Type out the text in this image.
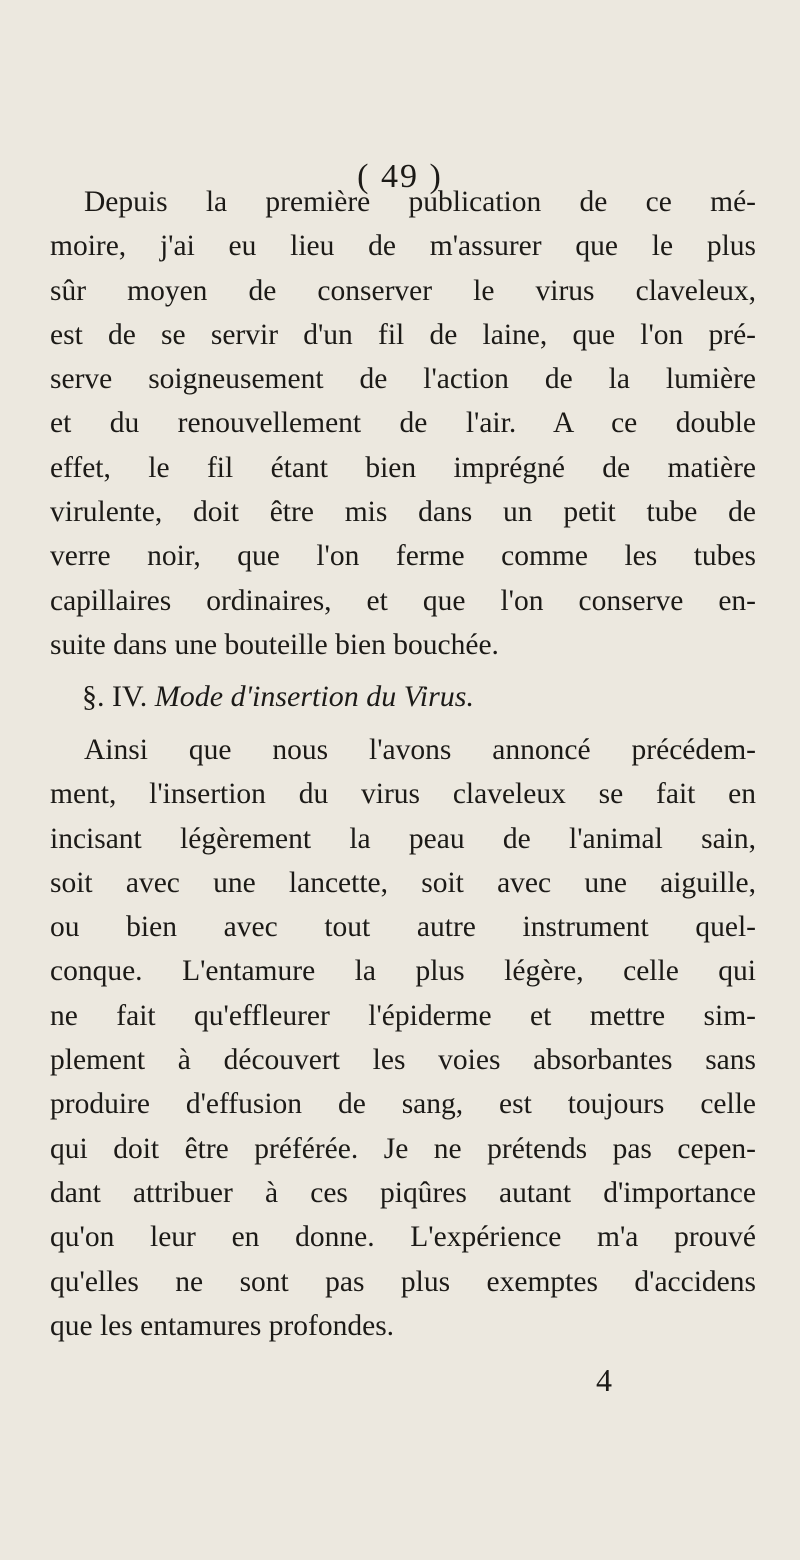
( 49 )
Depuis la première publication de ce mé-
moire, j'ai eu lieu de m'assurer que le plus
sûr moyen de conserver le virus claveleux,
est de se servir d'un fil de laine, que l'on pré-
serve soigneusement de l'action de la lumière
et du renouvellement de l'air. A ce double
effet, le fil étant bien imprégné de matière
virulente, doit être mis dans un petit tube de
verre noir, que l'on ferme comme les tubes
capillaires ordinaires, et que l'on conserve en-
suite dans une bouteille bien bouchée.
§. IV. Mode d'insertion du Virus.
Ainsi que nous l'avons annoncé précédem-
ment, l'insertion du virus claveleux se fait en
incisant légèrement la peau de l'animal sain,
soit avec une lancette, soit avec une aiguille,
ou bien avec tout autre instrument quel-
conque. L'entamure la plus légère, celle qui
ne fait qu'effleurer l'épiderme et mettre sim-
plement à découvert les voies absorbantes sans
produire d'effusion de sang, est toujours celle
qui doit être préférée. Je ne prétends pas cepen-
dant attribuer à ces piqûres autant d'importance
qu'on leur en donne. L'expérience m'a prouvé
qu'elles ne sont pas plus exemptes d'accidens
que les entamures profondes.
4
